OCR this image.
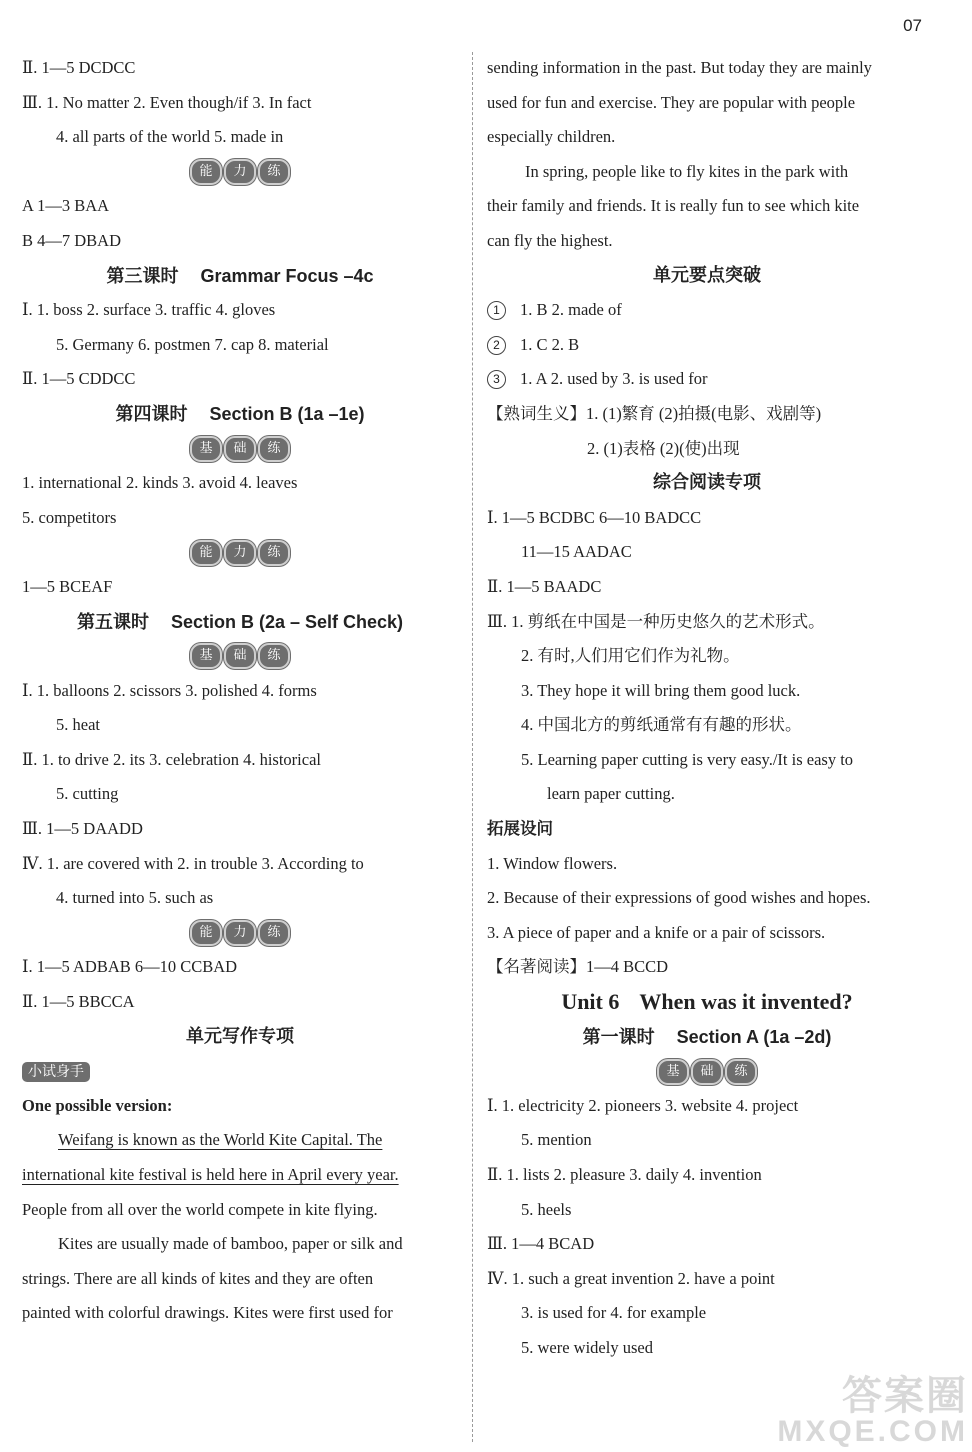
07
Ⅱ. 1—5 DCDCC
Ⅲ. 1. No matter 2. Even though/if 3. In fact
4. all parts of the world 5. made in
能	力	练
A 1—3 BAA
B 4—7 DBAD
第三课时 Grammar Focus –4c
Ⅰ. 1. boss 2. surface 3. traffic 4. gloves
5. Germany 6. postmen 7. cap 8. material
Ⅱ. 1—5 CDDCC
第四课时 Section B (1a –1e)
基	础	练
1. international 2. kinds 3. avoid 4. leaves
5. competitors
能	力	练
1—5 BCEAF
第五课时 Section B (2a – Self Check)
基	础	练
Ⅰ. 1. balloons 2. scissors 3. polished 4. forms
5. heat
Ⅱ. 1. to drive 2. its 3. celebration 4. historical
5. cutting
Ⅲ. 1—5 DAADD
Ⅳ. 1. are covered with 2. in trouble 3. According to
4. turned into 5. such as
能	力	练
Ⅰ. 1—5 ADBAB 6—10 CCBAD
Ⅱ. 1—5 BBCCA
单元写作专项
小试身手
One possible version:
Weifang is known as the World Kite Capital. The
international kite festival is held here in April every year.
People from all over the world compete in kite flying.
Kites are usually made of bamboo, paper or silk and
strings. There are all kinds of kites and they are often
painted with colorful drawings. Kites were first used for
sending information in the past. But today they are mainly
used for fun and exercise. They are popular with people
especially children.
In spring, people like to fly kites in the park with
their family and friends. It is really fun to see which kite
can fly the highest.
单元要点突破
1 1. B 2. made of
2 1. C 2. B
3 1. A 2. used by 3. is used for
【熟词生义】1. (1)繁育 (2)拍摄(电影、戏剧等)
2. (1)表格 (2)(使)出现
综合阅读专项
Ⅰ. 1—5 BCDBC 6—10 BADCC
11—15 AADAC
Ⅱ. 1—5 BAADC
Ⅲ. 1. 剪纸在中国是一种历史悠久的艺术形式。
2. 有时,人们用它们作为礼物。
3. They hope it will bring them good luck.
4. 中国北方的剪纸通常有有趣的形状。
5. Learning paper cutting is very easy./It is easy to
learn paper cutting.
拓展设问
1. Window flowers.
2. Because of their expressions of good wishes and hopes.
3. A piece of paper and a knife or a pair of scissors.
【名著阅读】1—4 BCCD
Unit 6 When was it invented?
第一课时 Section A (1a –2d)
基	础	练
Ⅰ. 1. electricity 2. pioneers 3. website 4. project
5. mention
Ⅱ. 1. lists 2. pleasure 3. daily 4. invention
5. heels
Ⅲ. 1—4 BCAD
Ⅳ. 1. such a great invention 2. have a point
3. is used for 4. for example
5. were widely used
答案圈
MXQE.COM
